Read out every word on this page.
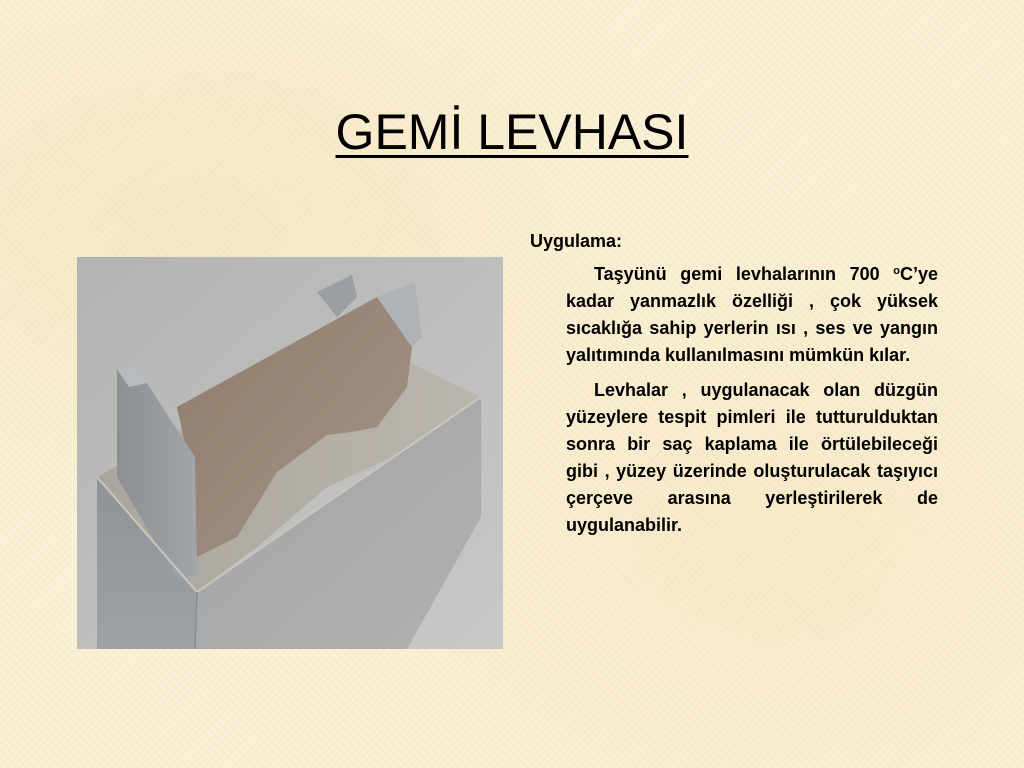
GEMİ LEVHASI

Uygulama:

Taşyünü gemi levhalarının 700 $^o$C’ye kadar yanmazlık özelliği , çok yüksek sıcaklığa sahip yerlerin ısı , ses ve yangın yalıtımında kullanılmasını mümkün kılar.

Levhalar , uygulanacak olan düzgün yüzeylere tespit pimleri ile tutturulduktan sonra bir saç kaplama ile örtülebileceği gibi , yüzey üzerinde oluşturulacak taşıyıcı çerçeve arasına yerleştirilerek de uygulanabilir.
